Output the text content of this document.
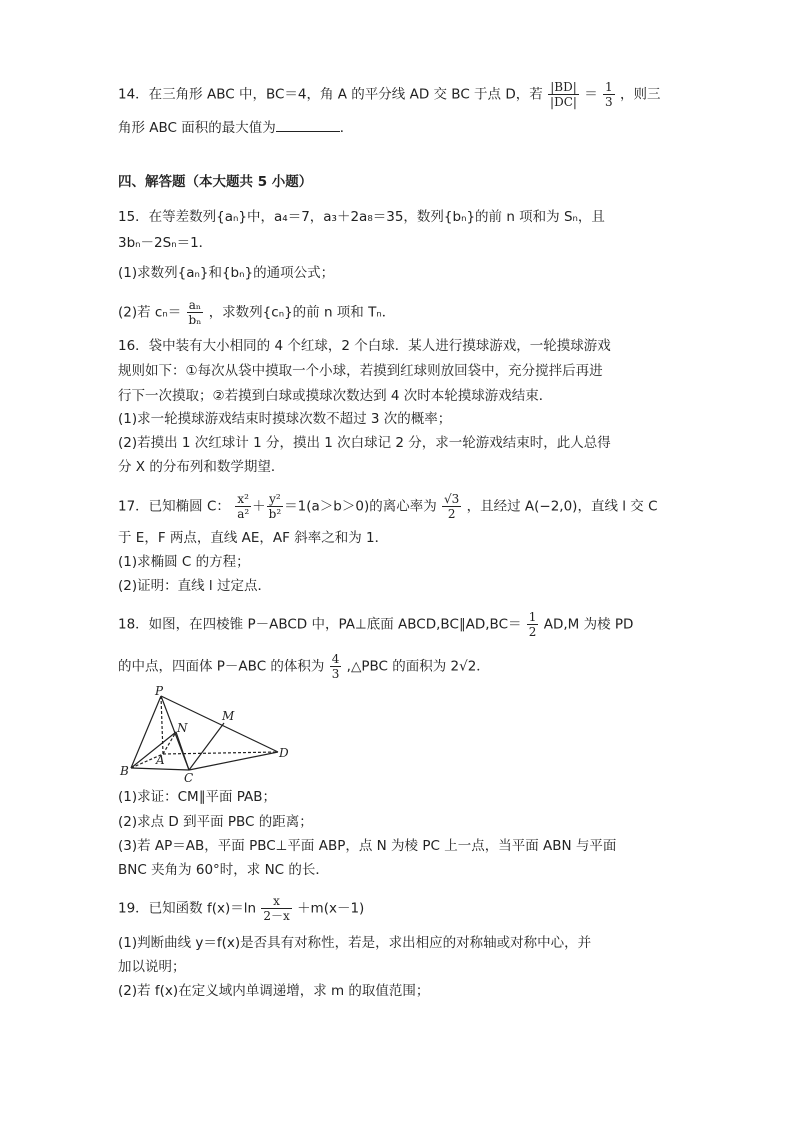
14．在三角形 ABC 中，BC＝4，角 A 的平分线 AD 交 BC 于点 D，若 $\frac{|BD|}{|DC|} = \frac{1}{3}$ ，则三
角形 ABC 面积的最大值为	．
四、解答题（本大题共 5 小题）
15．在等差数列{aₙ}中，a₄＝7，a₃＋2a₈＝35，数列{bₙ}的前 n 项和为 Sₙ，且
3bₙ－2Sₙ＝1．
(1)求数列{aₙ}和{bₙ}的通项公式；
(2)若 $c_n= \frac{\text{aₙ}}{\text{bₙ}}$ ，求数列{cₙ}的前 n 项和 Tₙ．
16．袋中装有大小相同的 4 个红球，2 个白球．某人进行摸球游戏，一轮摸球游戏
规则如下：①每次从袋中摸取一个小球，若摸到红球则放回袋中，充分搅拌后再进
行下一次摸取；②若摸到白球或摸球次数达到 4 次时本轮摸球游戏结束．
(1)求一轮摸球游戏结束时摸球次数不超过 3 次的概率；
(2)若摸出 1 次红球计 1 分，摸出 1 次白球记 2 分，求一轮游戏结束时，此人总得
分 X 的分布列和数学期望．
17．已知椭圆 C： $\frac{\text{x²}}{\text{a²}} + \frac{\text{y²}}{\text{b²}} =1(a>b>0)$的离心率为 $\frac{√3}{2}$ ，且经过 A(−2,0)，直线 l 交 C
于 E，F 两点，直线 AE，AF 斜率之和为 1．
(1)求椭圆 C 的方程；
(2)证明：直线 l 过定点．
18．如图，在四棱锥 P－ABCD 中，PA⊥底面 ABCD,BC∥AD,BC＝ $\frac{1}{2} AD,M$ 为棱 PD
的中点，四面体 P－ABC 的体积为 $\frac{4}{3}$ ,△PBC 的面积为 2√2．
P
M
N
A
B	C
D
(1)求证：CM∥平面 PAB；
(2)求点 D 到平面 PBC 的距离；
(3)若 AP＝AB，平面 PBC⊥平面 ABP，点 N 为棱 PC 上一点，当平面 ABN 与平面
BNC 夹角为 60°时，求 NC 的长．
19．已知函数 $f(x)=\ln \frac{x}{2-x} +m(x-1)$
(1)判断曲线 y＝f(x)是否具有对称性，若是，求出相应的对称轴或对称中心，并
加以说明；
(2)若 f(x)在定义域内单调递增，求 m 的取值范围；
